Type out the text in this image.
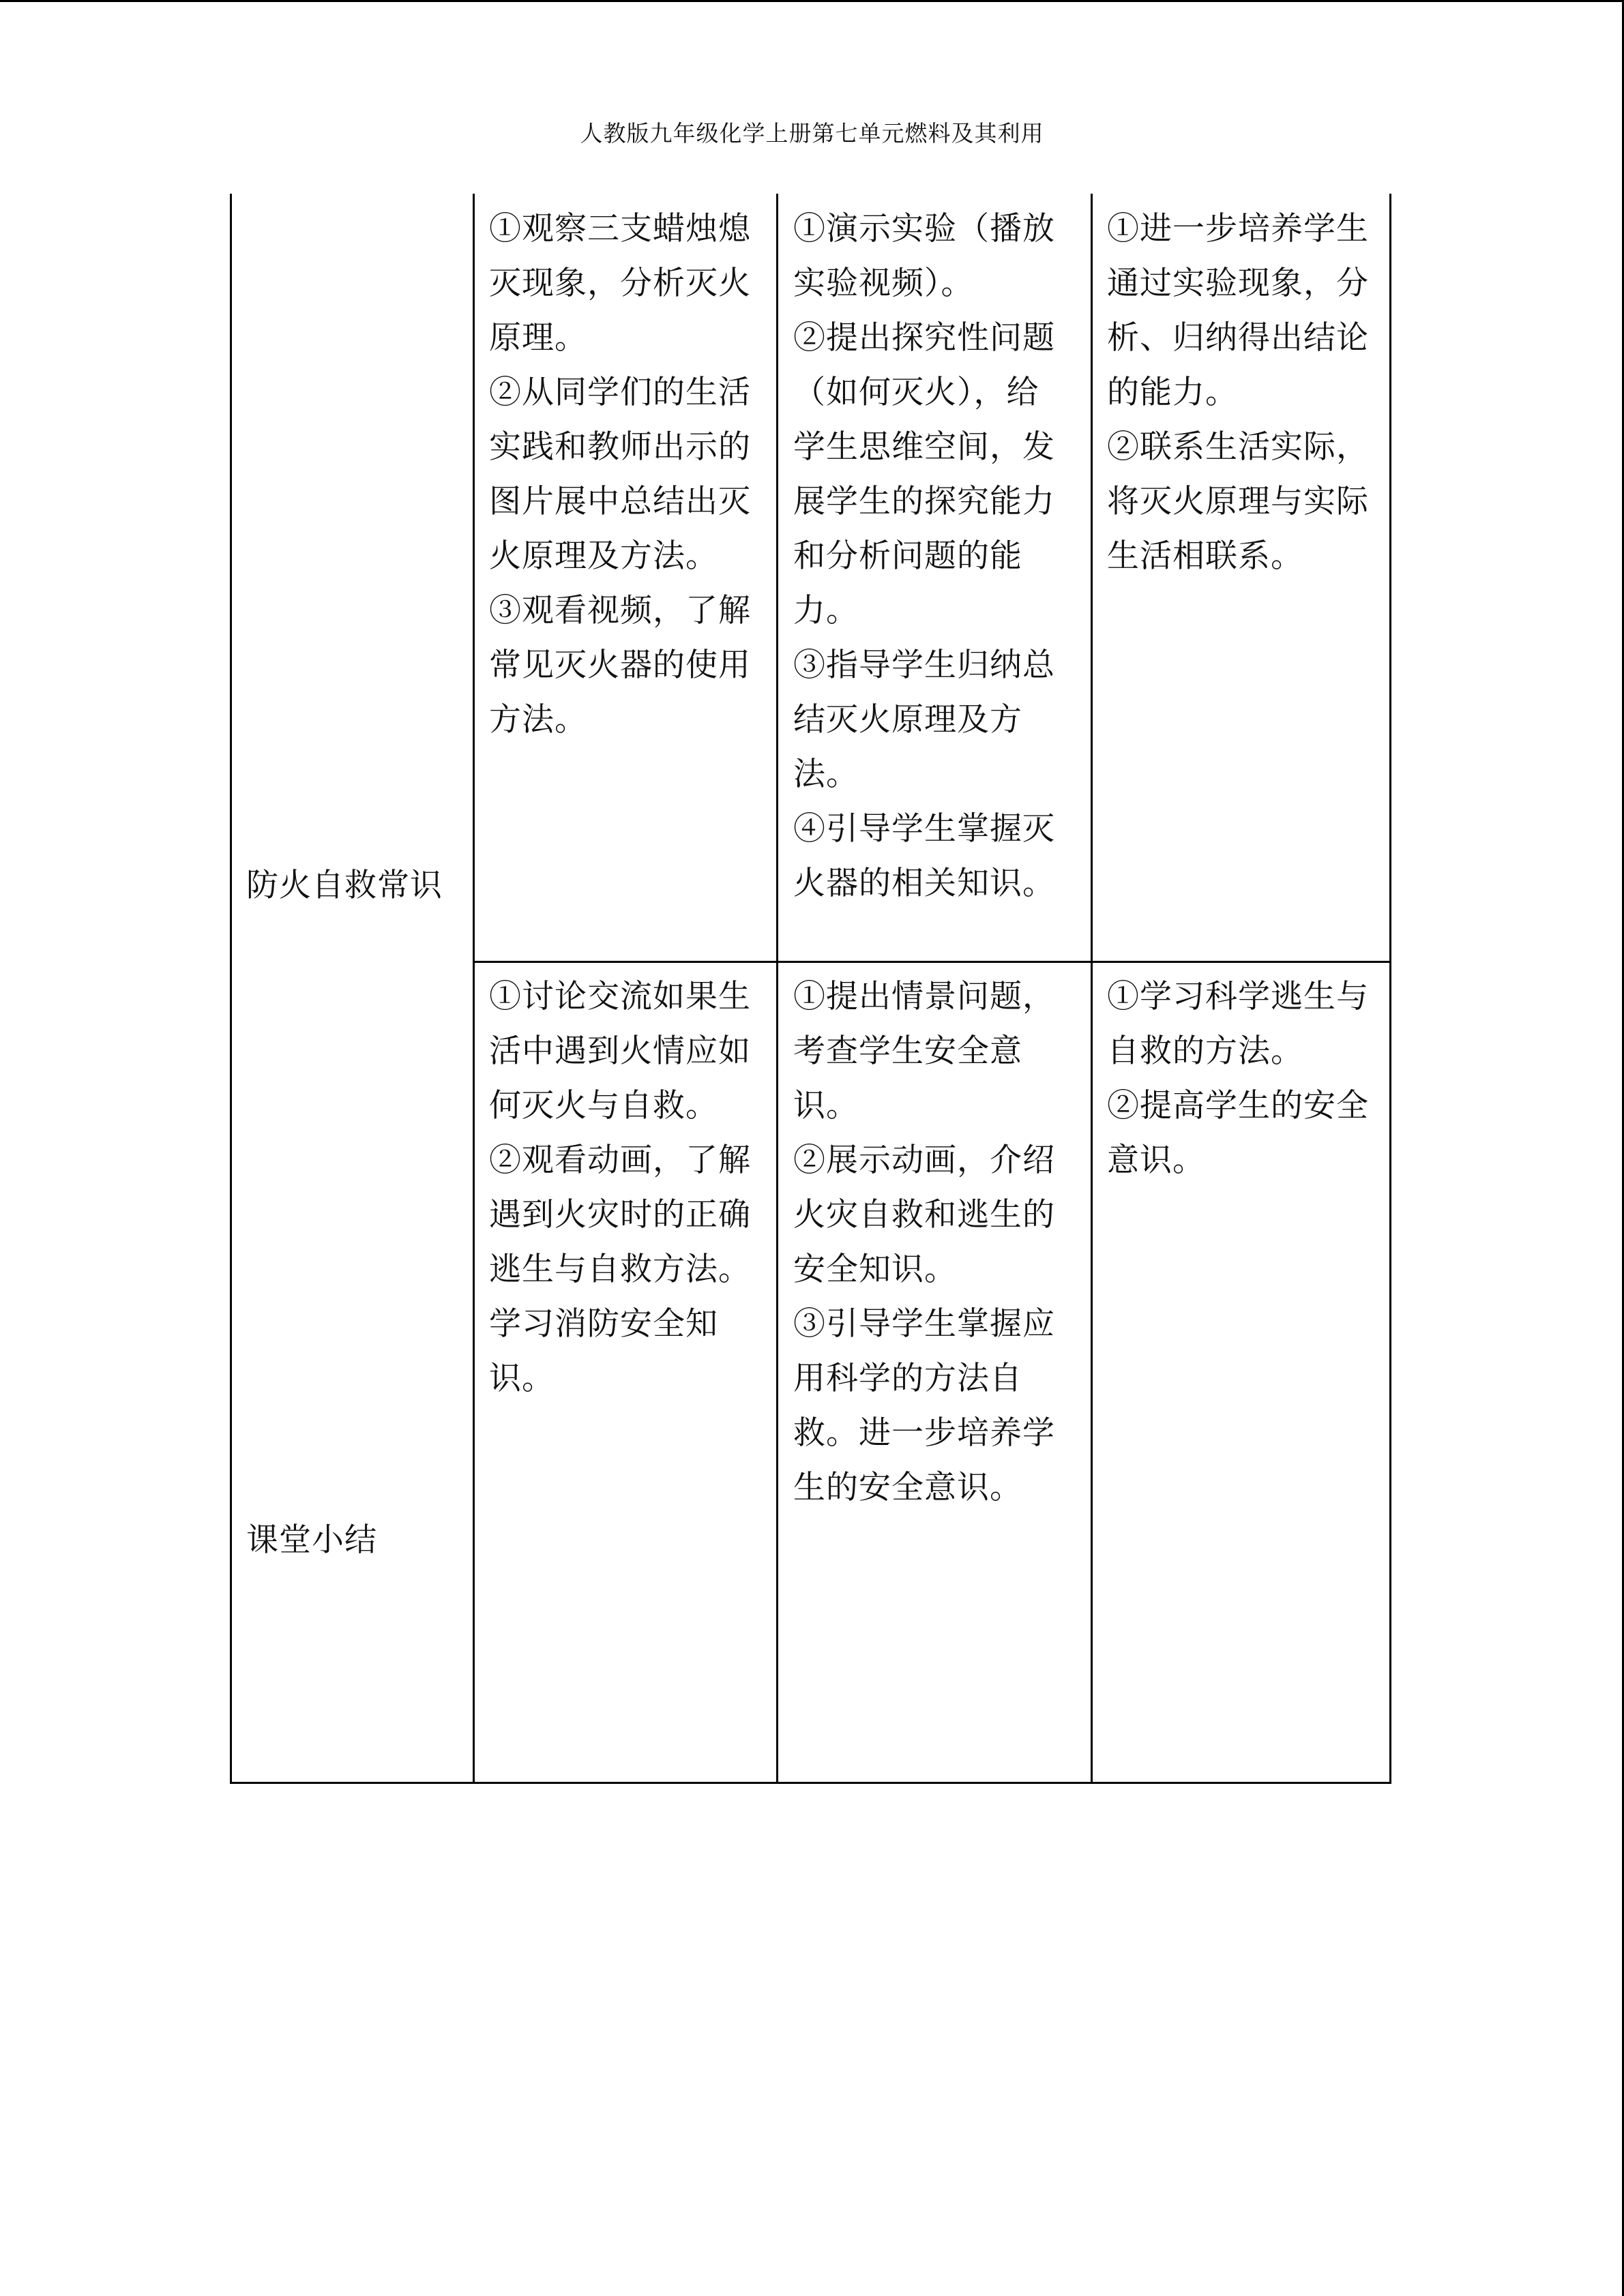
人教版九年级化学上册第七单元燃料及其利用
防火自救常识

①观察三支蜡烛熄

灭现象，分析灭火

原理。

②从同学们的生活

实践和教师出示的

图片展中总结出灭

火原理及方法。

③观看视频，了解

常见灭火器的使用

方法。

①演示实验（播放

实验视频）。

②提出探究性问题

（如何灭火），给

学生思维空间，发

展学生的探究能力

和分析问题的能

力。

③指导学生归纳总

结灭火原理及方

法。

④引导学生掌握灭

火器的相关知识。

①进一步培养学生

通过实验现象，分

析、归纳得出结论

的能力。

②联系生活实际，

将灭火原理与实际

生活相联系。

课堂小结

①讨论交流如果生

活中遇到火情应如

何灭火与自救。

②观看动画，了解

遇到火灾时的正确

逃生与自救方法。

学习消防安全知

识。

①提出情景问题，

考查学生安全意

识。

②展示动画，介绍

火灾自救和逃生的

安全知识。

③引导学生掌握应

用科学的方法自

救。进一步培养学

生的安全意识。

①学习科学逃生与

自救的方法。

②提高学生的安全

意识。
